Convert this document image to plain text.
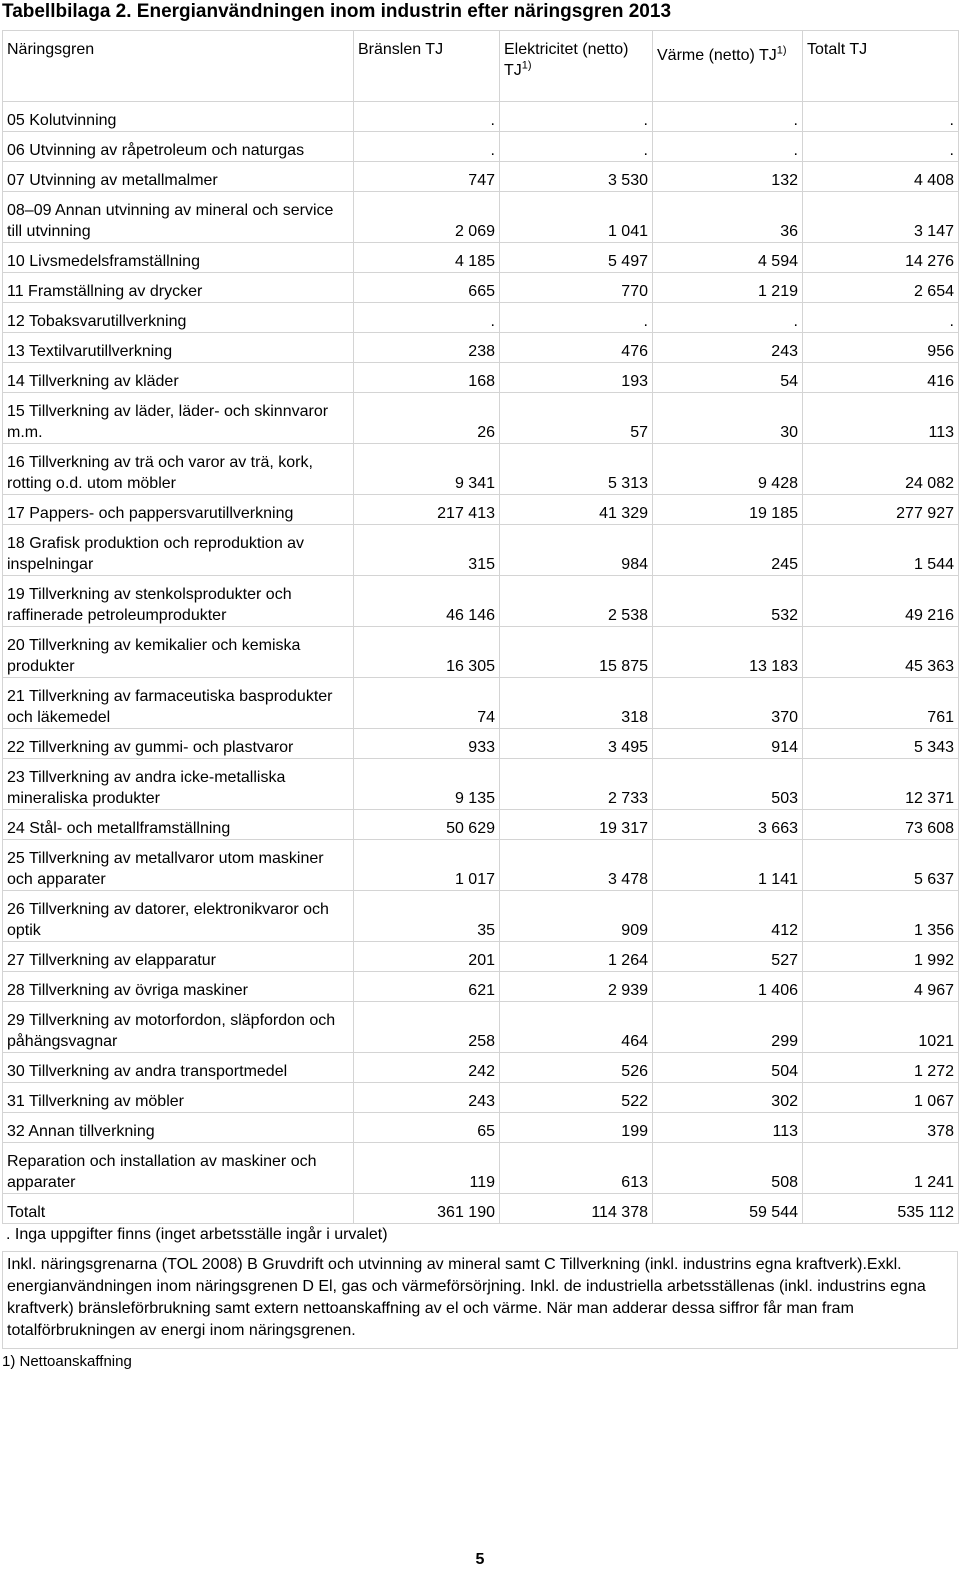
Tabellbilaga 2. Energianvändningen inom industrin efter näringsgren 2013
Näringsgren	Bränslen TJ	Elektricitet (netto) TJ$^{1)}$	Värme (netto) TJ$^{1)}$	Totalt TJ
05 Kolutvinning	.	.	.	.
06 Utvinning av råpetroleum och naturgas	.	.	.	.
07 Utvinning av metallmalmer	747	3 530	132	4 408
08–09 Annan utvinning av mineral och service till utvinning	2 069	1 041	36	3 147
10 Livsmedelsframställning	4 185	5 497	4 594	14 276
11 Framställning av drycker	665	770	1 219	2 654
12 Tobaksvarutillverkning	.	.	.	.
13 Textilvarutillverkning	238	476	243	956
14 Tillverkning av kläder	168	193	54	416
15 Tillverkning av läder, läder- och skinnvaror m.m.	26	57	30	113
16 Tillverkning av trä och varor av trä, kork, rotting o.d. utom möbler	9 341	5 313	9 428	24 082
17 Pappers- och pappersvarutillverkning	217 413	41 329	19 185	277 927
18 Grafisk produktion och reproduktion av inspelningar	315	984	245	1 544
19 Tillverkning av stenkolsprodukter och raffinerade petroleumprodukter	46 146	2 538	532	49 216
20 Tillverkning av kemikalier och kemiska produkter	16 305	15 875	13 183	45 363
21 Tillverkning av farmaceutiska basprodukter och läkemedel	74	318	370	761
22 Tillverkning av gummi- och plastvaror	933	3 495	914	5 343
23 Tillverkning av andra icke-metalliska mineraliska produkter	9 135	2 733	503	12 371
24 Stål- och metallframställning	50 629	19 317	3 663	73 608
25 Tillverkning av metallvaror utom maskiner och apparater	1 017	3 478	1 141	5 637
26 Tillverkning av datorer, elektronikvaror och optik	35	909	412	1 356
27 Tillverkning av elapparatur	201	1 264	527	1 992
28 Tillverkning av övriga maskiner	621	2 939	1 406	4 967
29 Tillverkning av motorfordon, släpfordon och påhängsvagnar	258	464	299	1021
30 Tillverkning av andra transportmedel	242	526	504	1 272
31 Tillverkning av möbler	243	522	302	1 067
32 Annan tillverkning	65	199	113	378
Reparation och installation av maskiner och apparater	119	613	508	1 241
Totalt	361 190	114 378	59 544	535 112
. Inga uppgifter finns (inget arbetsställe ingår i urvalet)
Inkl. näringsgrenarna (TOL 2008) B Gruvdrift och utvinning av mineral samt C Tillverkning (inkl. industrins egna kraftverk).Exkl. energianvändningen inom näringsgrenen D El, gas och värmeförsörjning. Inkl. de industriella arbetsställenas (inkl. industrins egna kraftverk) bränsleförbrukning samt extern nettoanskaffning av el och värme. När man adderar dessa siffror får man fram totalförbrukningen av energi inom näringsgrenen.
1) Nettoanskaffning
5
